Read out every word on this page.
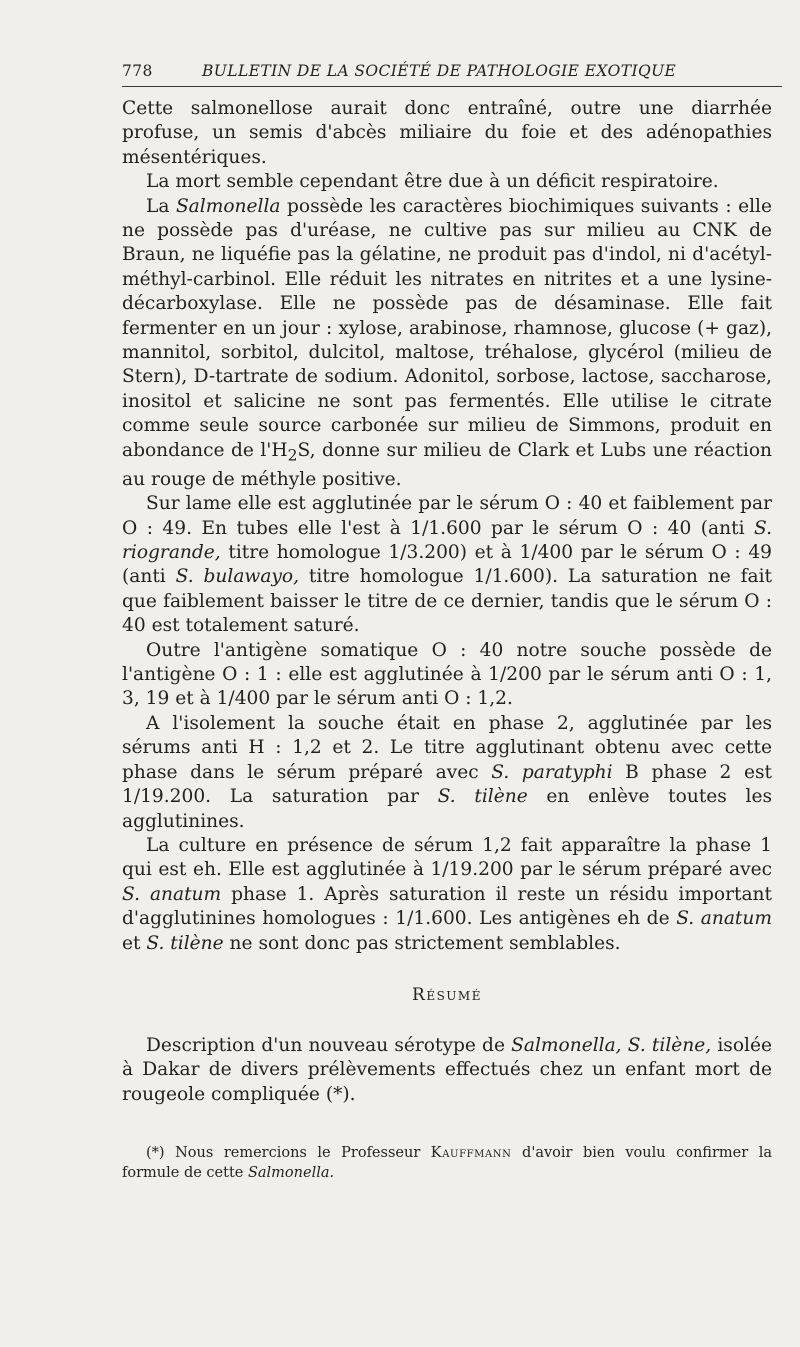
778	BULLETIN DE LA SOCIÉTÉ DE PATHOLOGIE EXOTIQUE

Cette salmonellose aurait donc entraîné, outre une diarrhée profuse, un semis d'abcès miliaire du foie et des adénopathies mésentériques.

La mort semble cependant être due à un déficit respiratoire.

La Salmonella possède les caractères biochimiques suivants : elle ne possède pas d'uréase, ne cultive pas sur milieu au CNK de Braun, ne liquéfie pas la gélatine, ne produit pas d'indol, ni d'acétyl-méthyl-carbinol. Elle réduit les nitrates en nitrites et a une lysine-décarboxylase. Elle ne possède pas de désaminase. Elle fait fermenter en un jour : xylose, arabinose, rhamnose, glucose (+ gaz), mannitol, sorbitol, dulcitol, maltose, tréhalose, glycérol (milieu de Stern), D-tartrate de sodium. Adonitol, sorbose, lactose, saccharose, inositol et salicine ne sont pas fermentés. Elle utilise le citrate comme seule source carbonée sur milieu de Simmons, produit en abondance de $l'H_2S$, donne sur milieu de Clark et Lubs une réaction au rouge de méthyle positive.

Sur lame elle est agglutinée par le sérum O : 40 et faiblement par O : 49. En tubes elle l'est à 1/1.600 par le sérum O : 40 (anti S. riogrande, titre homologue 1/3.200) et à 1/400 par le sérum O : 49 (anti S. bulawayo, titre homologue 1/1.600). La saturation ne fait que faiblement baisser le titre de ce dernier, tandis que le sérum O : 40 est totalement saturé.

Outre l'antigène somatique O : 40 notre souche possède de l'antigène O : 1 : elle est agglutinée à 1/200 par le sérum anti O : 1, 3, 19 et à 1/400 par le sérum anti O : 1,2.

A l'isolement la souche était en phase 2, agglutinée par les sérums anti H : 1,2 et 2. Le titre agglutinant obtenu avec cette phase dans le sérum préparé avec S. paratyphi B phase 2 est 1/19.200. La saturation par S. tilène en enlève toutes les agglutinines.

La culture en présence de sérum 1,2 fait apparaître la phase 1 qui est eh. Elle est agglutinée à 1/19.200 par le sérum préparé avec S. anatum phase 1. Après saturation il reste un résidu important d'agglutinines homologues : 1/1.600. Les antigènes eh de S. anatum et S. tilène ne sont donc pas strictement semblables.

Résumé

Description d'un nouveau sérotype de Salmonella, S. tilène, isolée à Dakar de divers prélèvements effectués chez un enfant mort de rougeole compliquée (*).

(*) Nous remercions le Professeur Kauffmann d'avoir bien voulu confirmer la formule de cette Salmonella.
